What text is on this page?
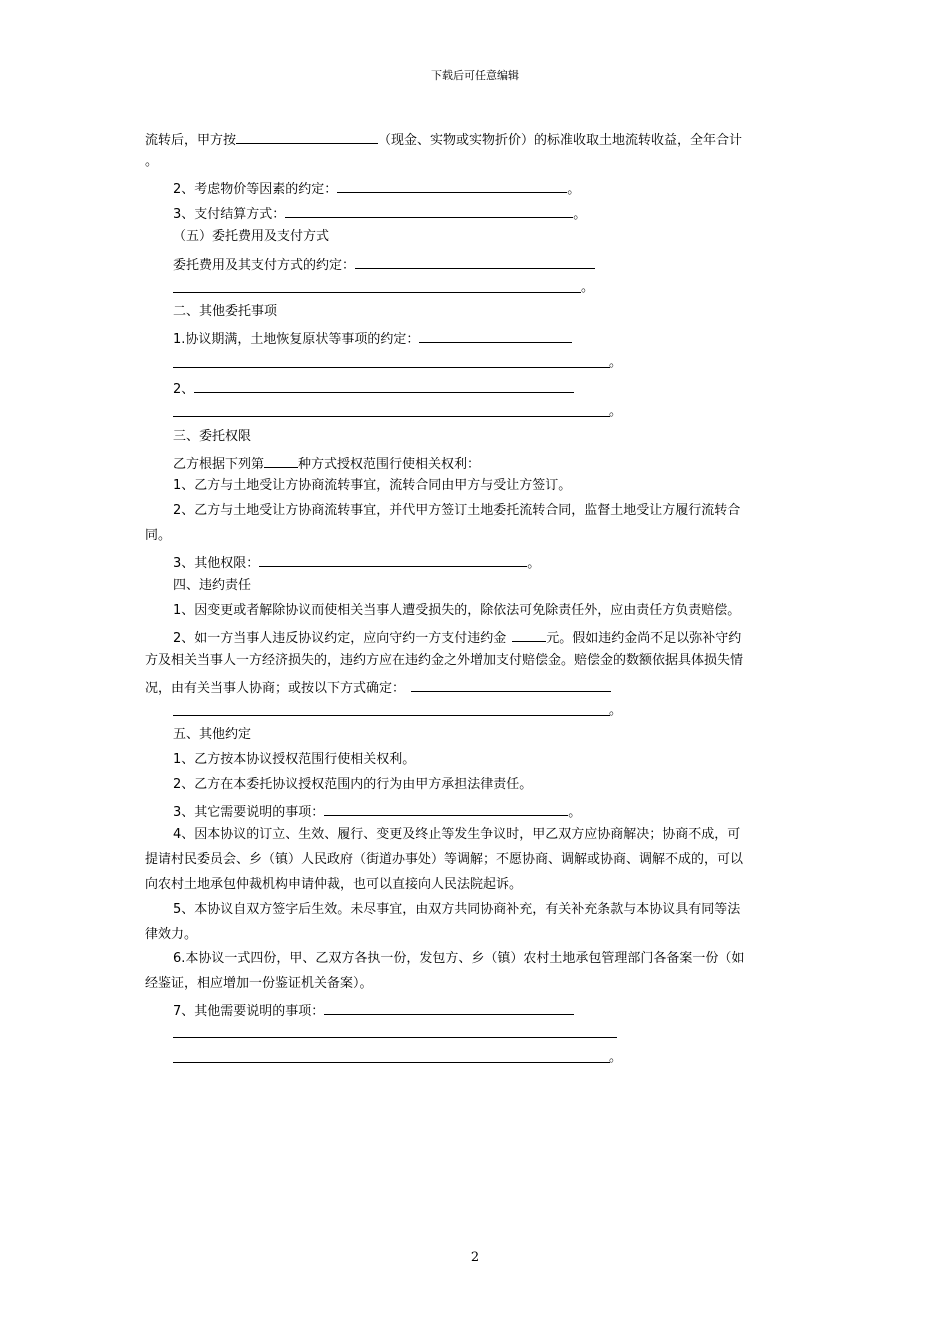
下载后可任意编辑
流转后，甲方按	（现金、实物或实物折价）的标准收取土地流转收益，全年合计
。
2、考虑物价等因素的约定：	。
3、支付结算方式：	。
（五）委托费用及支付方式
委托费用及其支付方式的约定：
。
二、其他委托事项
1.协议期满，土地恢复原状等事项的约定：
。
2、
。
三、委托权限
乙方根据下列第	种方式授权范围行使相关权利：
1、乙方与土地受让方协商流转事宜，流转合同由甲方与受让方签订。
2、乙方与土地受让方协商流转事宜，并代甲方签订土地委托流转合同，监督土地受让方履行流转合
同。
3、其他权限：	。
四、违约责任
1、因变更或者解除协议而使相关当事人遭受损失的，除依法可免除责任外，应由责任方负责赔偿。
2、如一方当事人违反协议约定，应向守约一方支付违约金	元。假如违约金尚不足以弥补守约
方及相关当事人一方经济损失的，违约方应在违约金之外增加支付赔偿金。赔偿金的数额依据具体损失情
况，由有关当事人协商；或按以下方式确定：
。
五、其他约定
1、乙方按本协议授权范围行使相关权利。
2、乙方在本委托协议授权范围内的行为由甲方承担法律责任。
3、其它需要说明的事项：	。
4、因本协议的订立、生效、履行、变更及终止等发生争议时，甲乙双方应协商解决；协商不成，可
提请村民委员会、乡（镇）人民政府（街道办事处）等调解；不愿协商、调解或协商、调解不成的，可以
向农村土地承包仲裁机构申请仲裁，也可以直接向人民法院起诉。
5、本协议自双方签字后生效。未尽事宜，由双方共同协商补充，有关补充条款与本协议具有同等法
律效力。
6.本协议一式四份，甲、乙双方各执一份，发包方、乡（镇）农村土地承包管理部门各备案一份（如
经鉴证，相应增加一份鉴证机关备案）。
7、其他需要说明的事项：
。
2
